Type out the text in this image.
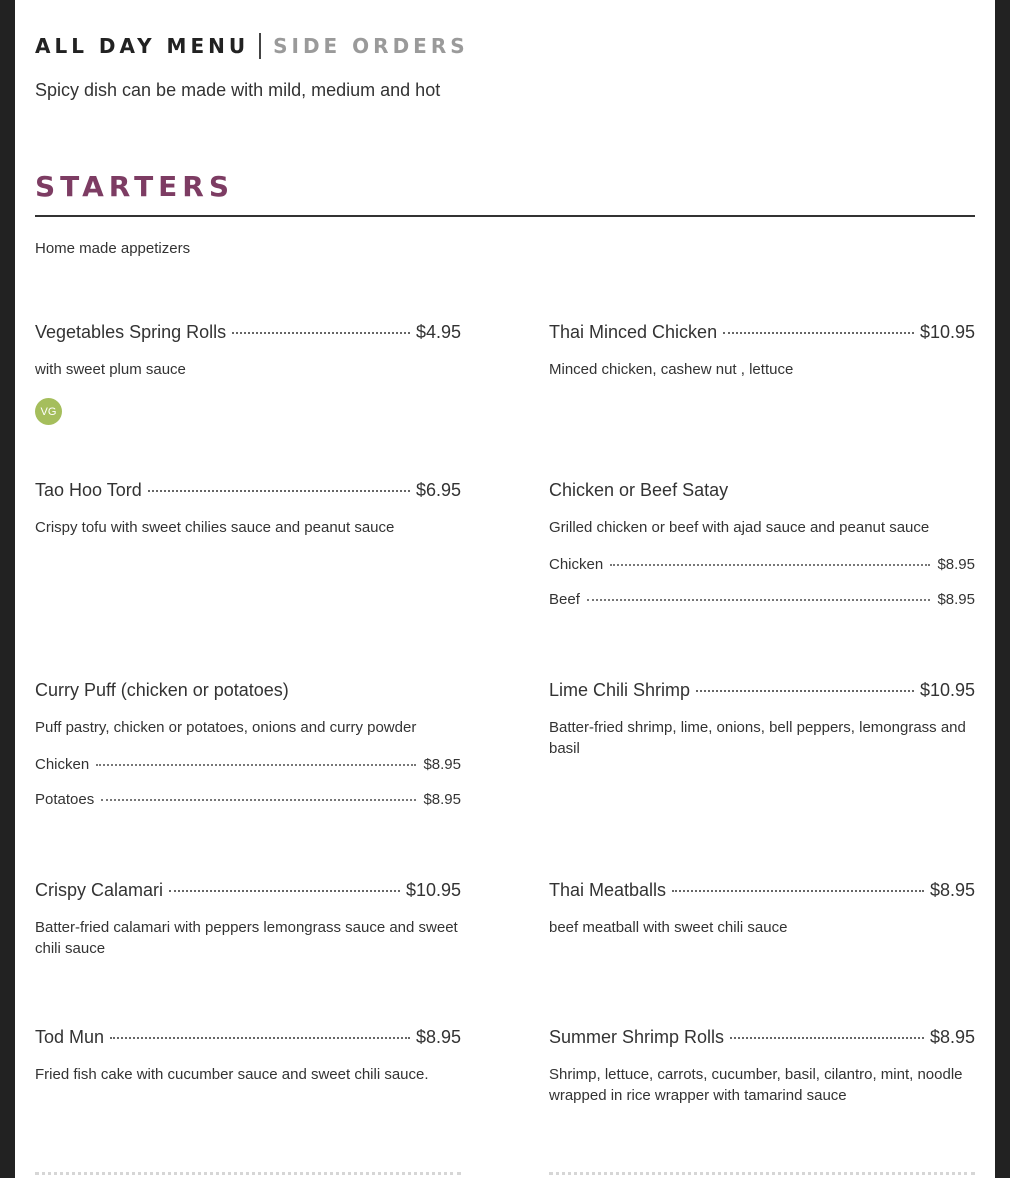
ALL DAY MENU SIDE ORDERS
Spicy dish can be made with mild, medium and hot
STARTERS
Home made appetizers
Vegetables Spring Rolls	$4.95
with sweet plum sauce
VG
Thai Minced Chicken	$10.95
Minced chicken, cashew nut , lettuce
Tao Hoo Tord	$6.95
Crispy tofu with sweet chilies sauce and peanut sauce
Chicken or Beef Satay
Grilled chicken or beef with ajad sauce and peanut sauce
Chicken	$8.95
Beef	$8.95
Curry Puff (chicken or potatoes)
Puff pastry, chicken or potatoes, onions and curry powder
Chicken	$8.95
Potatoes	$8.95
Lime Chili Shrimp	$10.95
Batter-fried shrimp, lime, onions, bell peppers, lemongrass and basil
Crispy Calamari	$10.95
Batter-fried calamari with peppers lemongrass sauce and sweet chili sauce
Thai Meatballs	$8.95
beef meatball with sweet chili sauce
Tod Mun	$8.95
Fried fish cake with cucumber sauce and sweet chili sauce.
Summer Shrimp Rolls	$8.95
Shrimp, lettuce, carrots, cucumber, basil, cilantro, mint, noodle wrapped in rice wrapper with tamarind sauce
